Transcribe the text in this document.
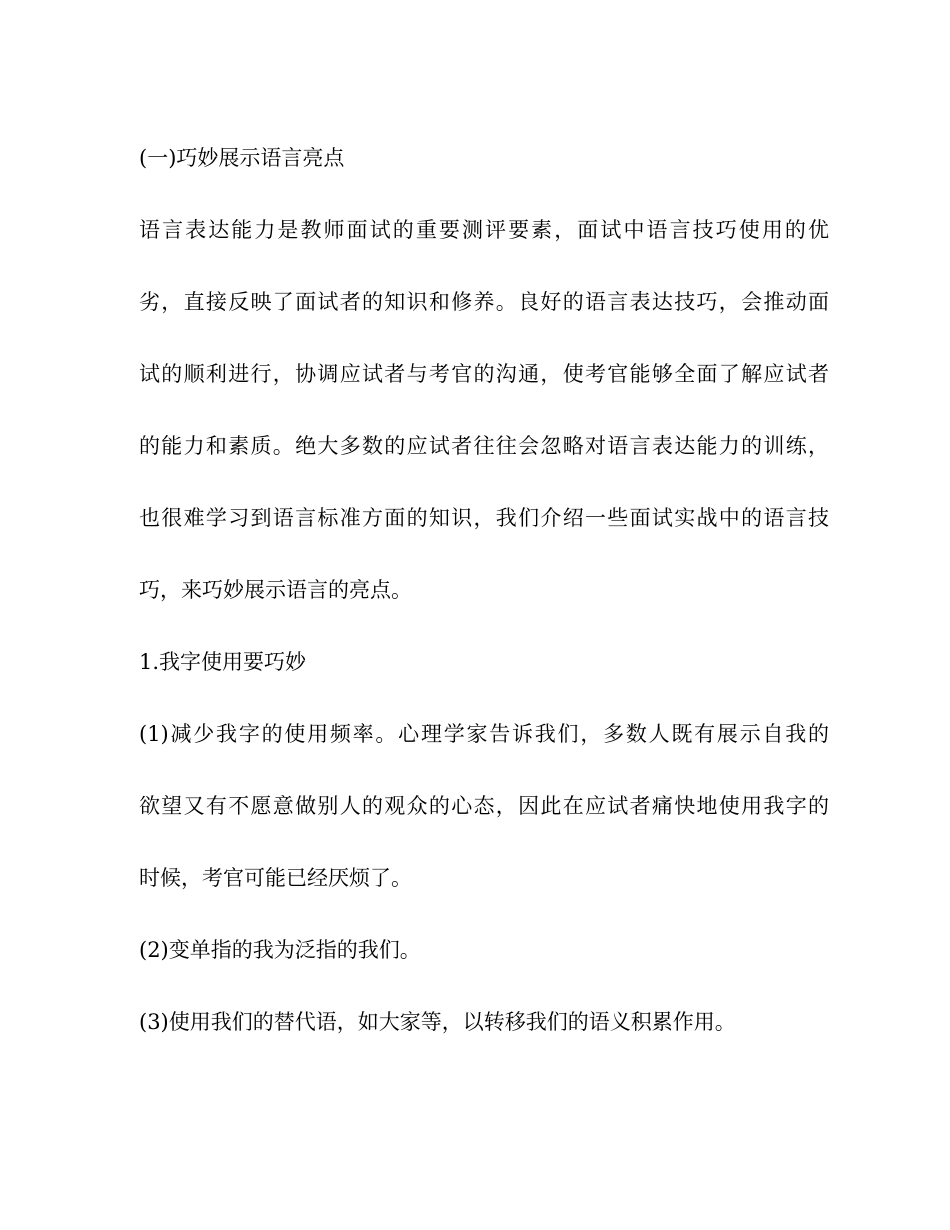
(一)巧妙展示语言亮点
语言表达能力是教师面试的重要测评要素，面试中语言技巧使用的优
劣，直接反映了面试者的知识和修养。良好的语言表达技巧，会推动面
试的顺利进行，协调应试者与考官的沟通，使考官能够全面了解应试者
的能力和素质。绝大多数的应试者往往会忽略对语言表达能力的训练，
也很难学习到语言标准方面的知识，我们介绍一些面试实战中的语言技
巧，来巧妙展示语言的亮点。
1.我字使用要巧妙
(1)减少我字的使用频率。心理学家告诉我们，多数人既有展示自我的
欲望又有不愿意做别人的观众的心态，因此在应试者痛快地使用我字的
时候，考官可能已经厌烦了。
(2)变单指的我为泛指的我们。
(3)使用我们的替代语，如大家等，以转移我们的语义积累作用。
